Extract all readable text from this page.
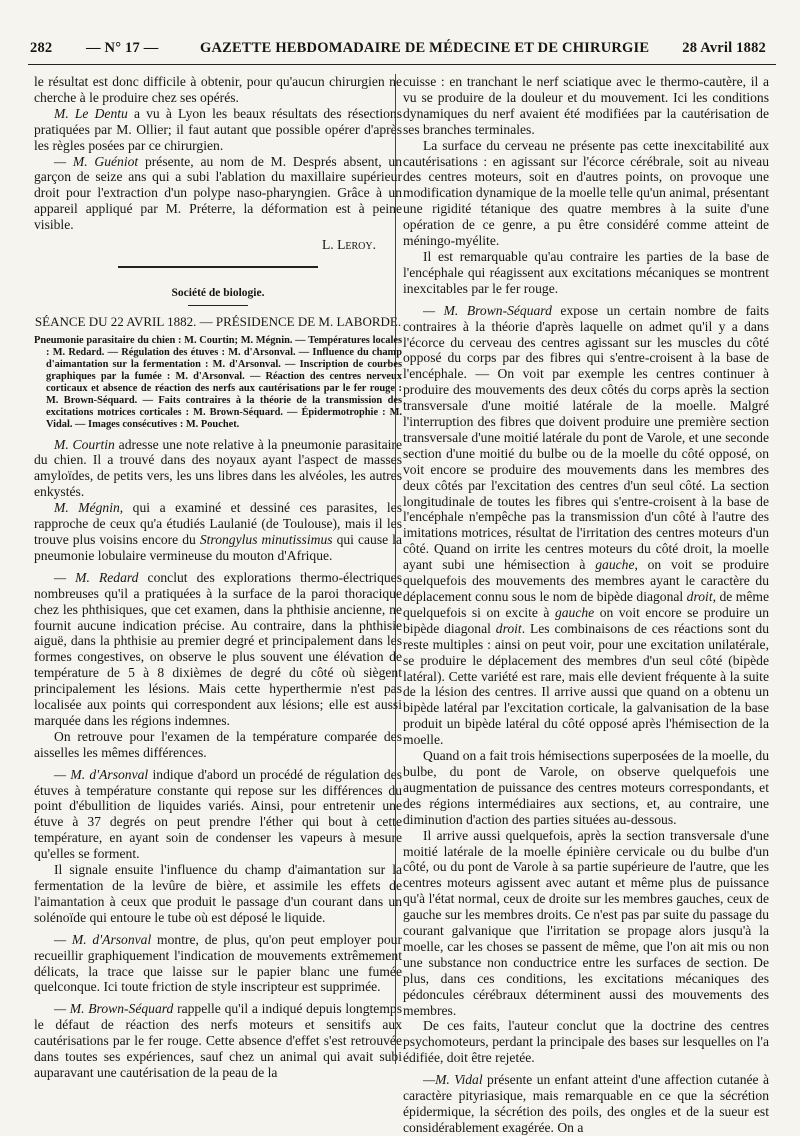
282 — N° 17 —	GAZETTE HEBDOMADAIRE DE MÉDECINE ET DE CHIRURGIE 28 Avril 1882

le résultat est donc difficile à obtenir, pour qu'aucun chirurgien ne cherche à le produire chez ses opérés.

M. Le Dentu a vu à Lyon les beaux résultats des résections pratiquées par M. Ollier; il faut autant que possible opérer d'après les règles posées par ce chirurgien.

— M. Guéniot présente, au nom de M. Després absent, un garçon de seize ans qui a subi l'ablation du maxillaire supérieur droit pour l'extraction d'un polype naso-pharyngien. Grâce à un appareil appliqué par M. Préterre, la déformation est à peine visible.

L. Leroy.
Société de biologie.
SÉANCE DU 22 AVRIL 1882. — PRÉSIDENCE DE M. LABORDE.
Pneumonie parasitaire du chien : M. Courtin; M. Mégnin. — Températures locales : M. Redard. — Régulation des étuves : M. d'Arsonval. — Influence du champ d'aimantation sur la fermentation : M. d'Arsonval. — Inscription de courbes graphiques par la fumée : M. d'Arsonval. — Réaction des centres nerveux corticaux et absence de réaction des nerfs aux cautérisations par le fer rouge : M. Brown-Séquard. — Faits contraires à la théorie de la transmission des excitations motrices corticales : M. Brown-Séquard. — Épidermotrophie : M. Vidal. — Images consécutives : M. Pouchet.

M. Courtin adresse une note relative à la pneumonie parasitaire du chien. Il a trouvé dans des noyaux ayant l'aspect de masses amyloïdes, de petits vers, les uns libres dans les alvéoles, les autres enkystés.

M. Mégnin, qui a examiné et dessiné ces parasites, les rapproche de ceux qu'a étudiés Laulanié (de Toulouse), mais il les trouve plus voisins encore du Strongylus minutissimus qui cause la pneumonie lobulaire vermineuse du mouton d'Afrique.

— M. Redard conclut des explorations thermo-électriques nombreuses qu'il a pratiquées à la surface de la paroi thoracique chez les phthisiques, que cet examen, dans la phthisie ancienne, ne fournit aucune indication précise. Au contraire, dans la phthisie aiguë, dans la phthisie au premier degré et principalement dans les formes congestives, on observe le plus souvent une élévation de température de 5 à 8 dixièmes de degré du côté où siègent principalement les lésions. Mais cette hyperthermie n'est pas localisée aux points qui correspondent aux lésions; elle est aussi marquée dans les régions indemnes.

On retrouve pour l'examen de la température comparée des aisselles les mêmes différences.

— M. d'Arsonval indique d'abord un procédé de régulation des étuves à température constante qui repose sur les différences du point d'ébullition de liquides variés. Ainsi, pour entretenir une étuve à 37 degrés on peut prendre l'éther qui bout à cette température, en ayant soin de condenser les vapeurs à mesure qu'elles se forment.

Il signale ensuite l'influence du champ d'aimantation sur la fermentation de la levûre de bière, et assimile les effets de l'aimantation à ceux que produit le passage d'un courant dans un solénoïde qui entoure le tube où est déposé le liquide.

— M. d'Arsonval montre, de plus, qu'on peut employer pour recueillir graphiquement l'indication de mouvements extrêmement délicats, la trace que laisse sur le papier blanc une fumée quelconque. Ici toute friction de style inscripteur est supprimée.

— M. Brown-Séquard rappelle qu'il a indiqué depuis longtemps le défaut de réaction des nerfs moteurs et sensitifs aux cautérisations par le fer rouge. Cette absence d'effet s'est retrouvée dans toutes ses expériences, sauf chez un animal qui avait subi auparavant une cautérisation de la peau de la

cuisse : en tranchant le nerf sciatique avec le thermo-cautère, il a vu se produire de la douleur et du mouvement. Ici les conditions dynamiques du nerf avaient été modifiées par la cautérisation de ses branches terminales.

La surface du cerveau ne présente pas cette inexcitabilité aux cautérisations : en agissant sur l'écorce cérébrale, soit au niveau des centres moteurs, soit en d'autres points, on provoque une modification dynamique de la moelle telle qu'un animal, présentant une rigidité tétanique des quatre membres à la suite d'une opération de ce genre, a pu être considéré comme atteint de méningo-myélite.

Il est remarquable qu'au contraire les parties de la base de l'encéphale qui réagissent aux excitations mécaniques se montrent inexcitables par le fer rouge.

— M. Brown-Séquard expose un certain nombre de faits contraires à la théorie d'après laquelle on admet qu'il y a dans l'écorce du cerveau des centres agissant sur les muscles du côté opposé du corps par des fibres qui s'entre-croisent à la base de l'encéphale. — On voit par exemple les centres continuer à produire des mouvements des deux côtés du corps après la section transversale d'une moitié latérale de la moelle. Malgré l'interruption des fibres que doivent produire une première section transversale d'une moitié latérale du pont de Varole, et une seconde section d'une moitié du bulbe ou de la moelle du côté opposé, on voit encore se produire des mouvements dans les membres des deux côtés par l'excitation des centres d'un seul côté. La section longitudinale de toutes les fibres qui s'entre-croisent à la base de l'encéphale n'empêche pas la transmission d'un côté à l'autre des imitations motrices, résultat de l'irritation des centres moteurs d'un côté. Quand on irrite les centres moteurs du côté droit, la moelle ayant subi une hémisection à gauche, on voit se produire quelquefois des mouvements des membres ayant le caractère du déplacement connu sous le nom de bipède diagonal droit, de même quelquefois si on excite à gauche on voit encore se produire un bipède diagonal droit. Les combinaisons de ces réactions sont du reste multiples : ainsi on peut voir, pour une excitation unilatérale, se produire le déplacement des membres d'un seul côté (bipède latéral). Cette variété est rare, mais elle devient fréquente à la suite de la lésion des centres. Il arrive aussi que quand on a obtenu un bipède latéral par l'excitation corticale, la galvanisation de la base produit un bipède latéral du côté opposé après l'hémisection de la moelle.

Quand on a fait trois hémisections superposées de la moelle, du bulbe, du pont de Varole, on observe quelquefois une augmentation de puissance des centres moteurs correspondants, et des régions intermédiaires aux sections, et, au contraire, une diminution d'action des parties situées au-dessous.

Il arrive aussi quelquefois, après la section transversale d'une moitié latérale de la moelle épinière cervicale ou du bulbe d'un côté, ou du pont de Varole à sa partie supérieure de l'autre, que les centres moteurs agissent avec autant et même plus de puissance qu'à l'état normal, ceux de droite sur les membres gauches, ceux de gauche sur les membres droits. Ce n'est pas par suite du passage du courant galvanique que l'irritation se propage alors jusqu'à la moelle, car les choses se passent de même, que l'on ait mis ou non une substance non conductrice entre les surfaces de section. De plus, dans ces conditions, les excitations mécaniques des pédoncules cérébraux déterminent aussi des mouvements des membres.

De ces faits, l'auteur conclut que la doctrine des centres psychomoteurs, perdant la principale des bases sur lesquelles on l'a édifiée, doit être rejetée.

—M. Vidal présente un enfant atteint d'une affection cutanée à caractère pityriasique, mais remarquable en ce que la sécrétion épidermique, la sécrétion des poils, des ongles et de la sueur est considérablement exagérée. On a
